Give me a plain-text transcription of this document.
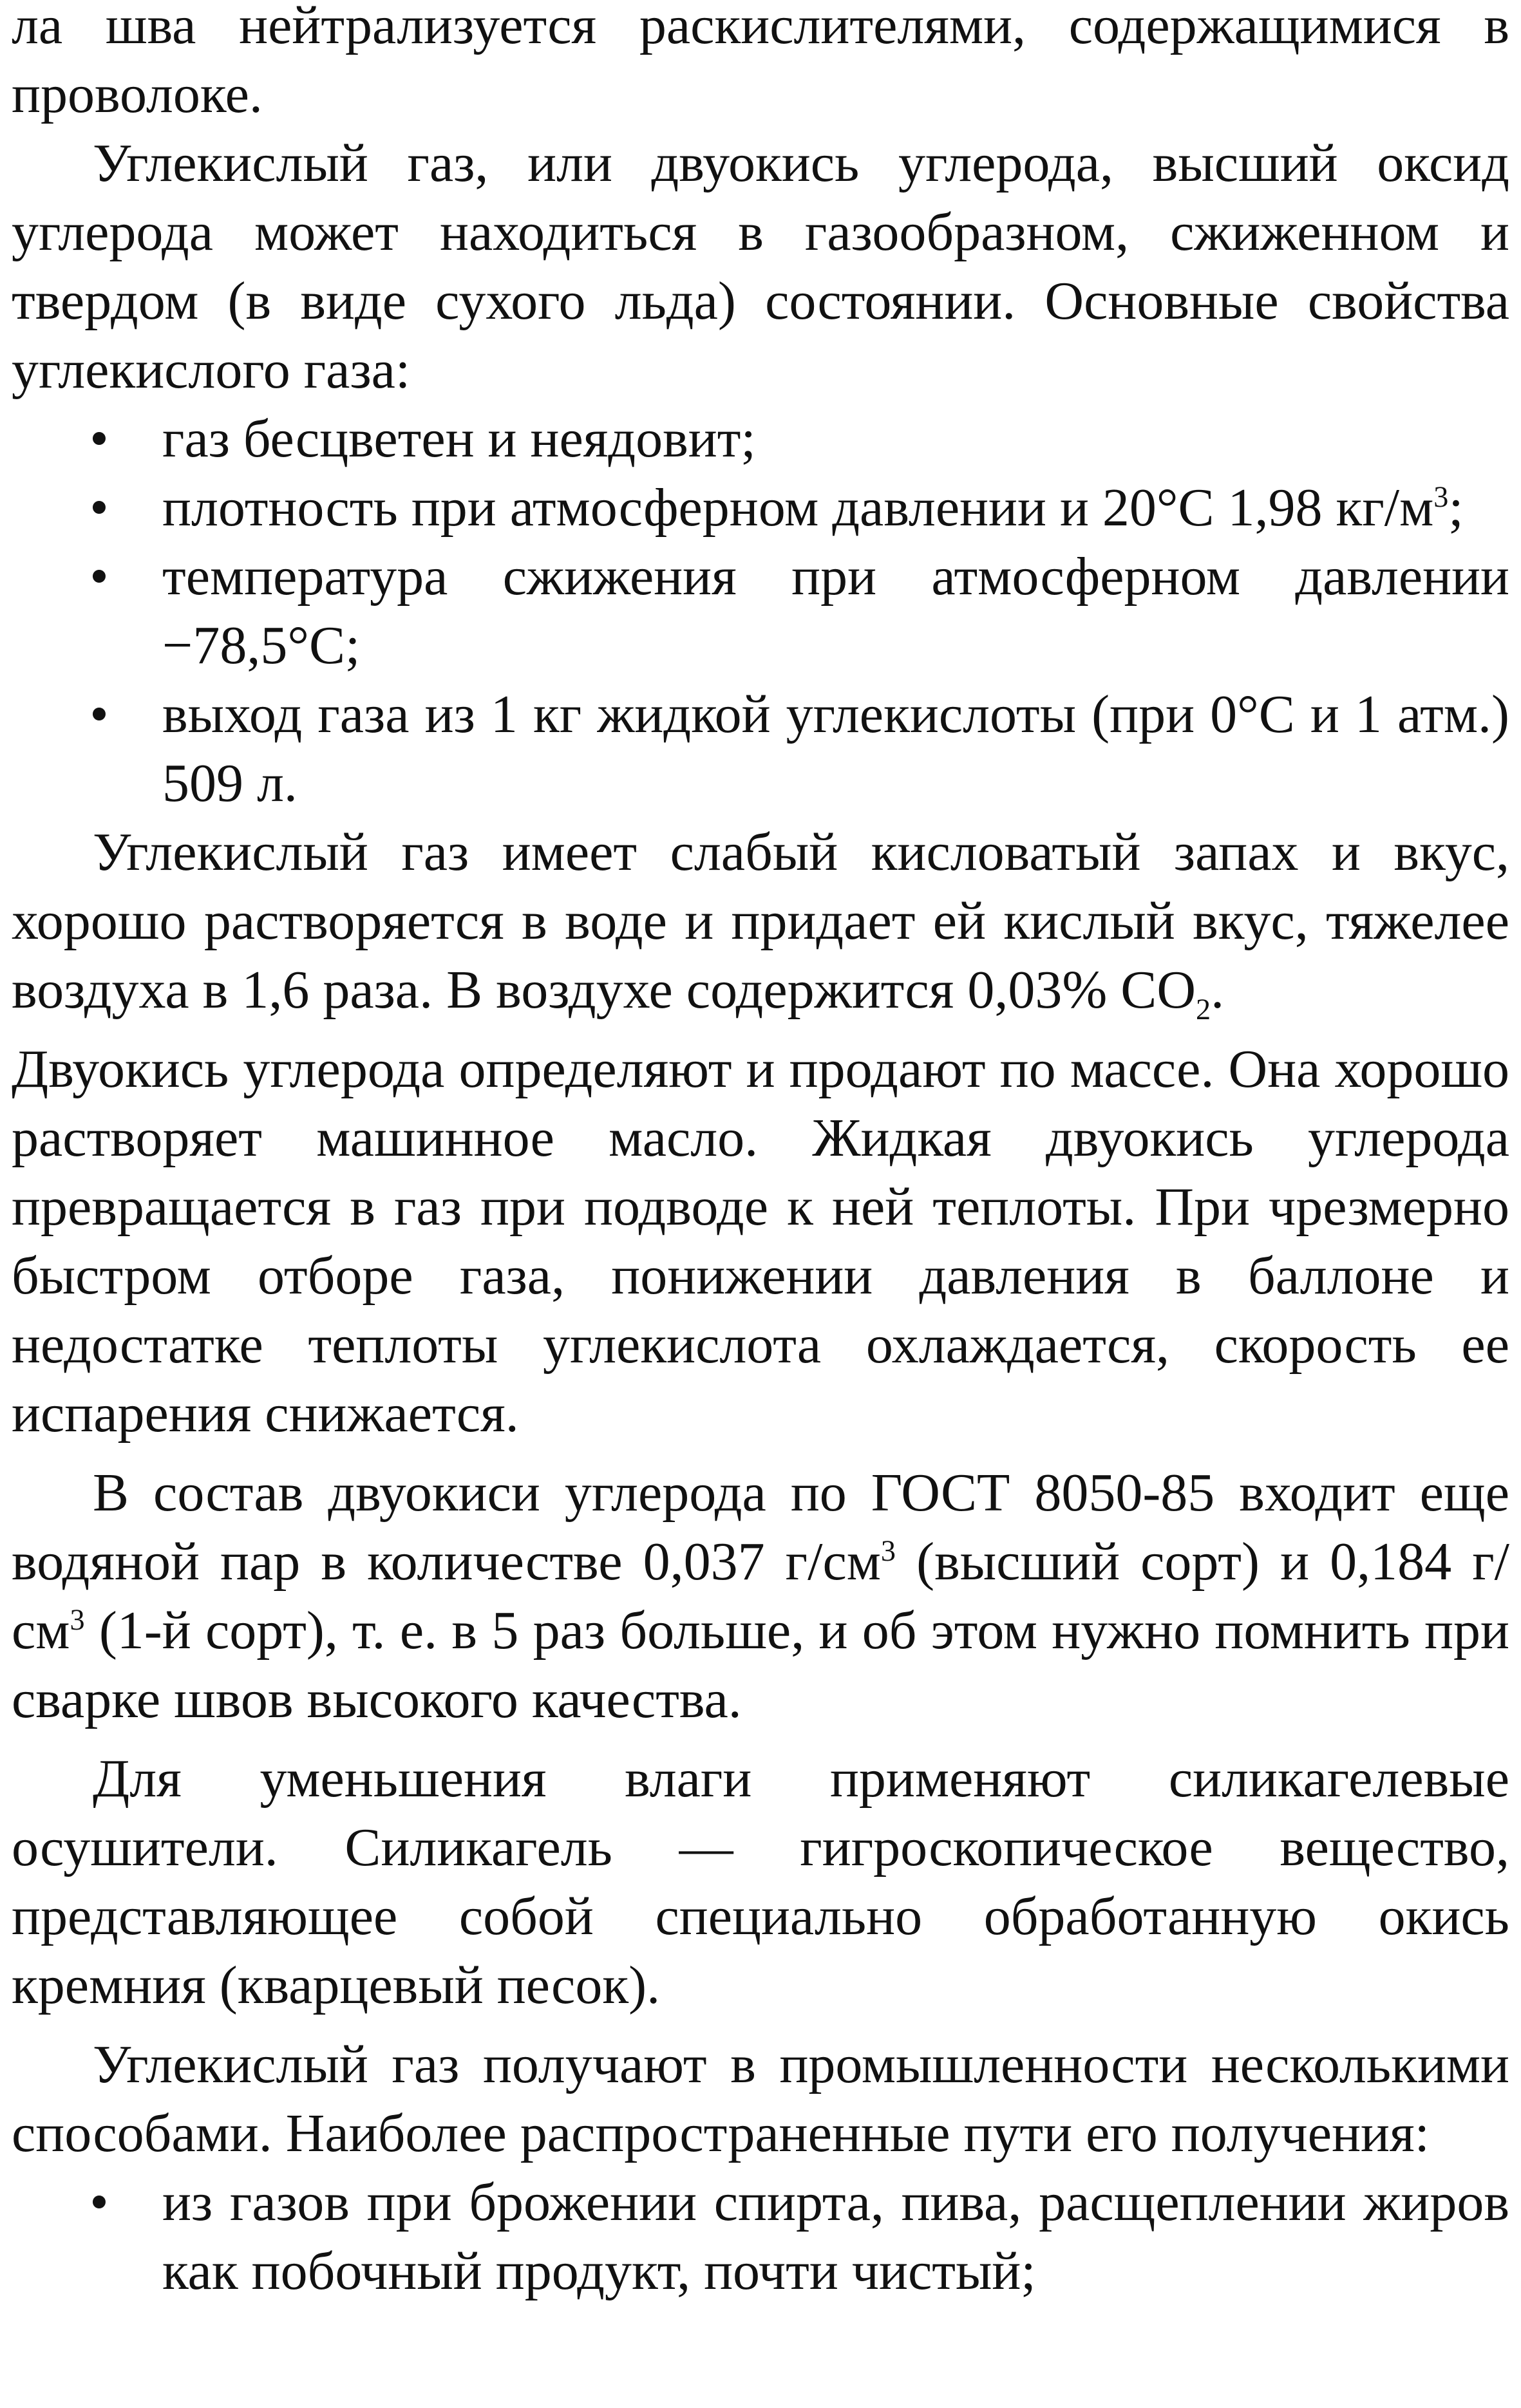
ла шва нейтрализуется раскислителями, содержащимися в проволоке.

Углекислый газ, или двуокись углерода, высший оксид углерода может находиться в газообразном, сжиженном и твердом (в виде сухого льда) состоянии. Основные свойства углекислого газа:

• газ бесцветен и неядовит;
• плотность при атмосферном давлении и 20°C 1,98 $кг/м^3$;
• температура сжижения при атмосферном давлении −78,5°C;
• выход газа из 1 кг жидкой углекислоты (при 0°C и 1 атм.) 509 л.

Углекислый газ имеет слабый кисловатый запах и вкус, хорошо растворяется в воде и придает ей кислый вкус, тяжелее воздуха в 1,6 раза. В воздухе содержится 0,03% $CO_2$.

Двуокись углерода определяют и продают по массе. Она хорошо растворяет машинное масло. Жидкая двуокись углерода превращается в газ при подводе к ней теплоты. При чрезмерно быстром отборе газа, понижении давления в баллоне и недостатке теплоты углекислота охлаждается, скорость ее испарения снижается.

В состав двуокиси углерода по ГОСТ 8050-85 входит еще водяной пар в количестве 0,037 $г/см^3$ (высший сорт) и 0,184 $г/см^3$ (1-й сорт), т. е. в 5 раз больше, и об этом нужно помнить при сварке швов высокого качества.

Для уменьшения влаги применяют силикагелевые осушители. Силикагель — гигроскопическое вещество, представляющее собой специально обработанную окись кремния (кварцевый песок).

Углекислый газ получают в промышленности несколькими способами. Наиболее распространенные пути его получения:

• из газов при брожении спирта, пива, расщеплении жиров как побочный продукт, почти чистый;
